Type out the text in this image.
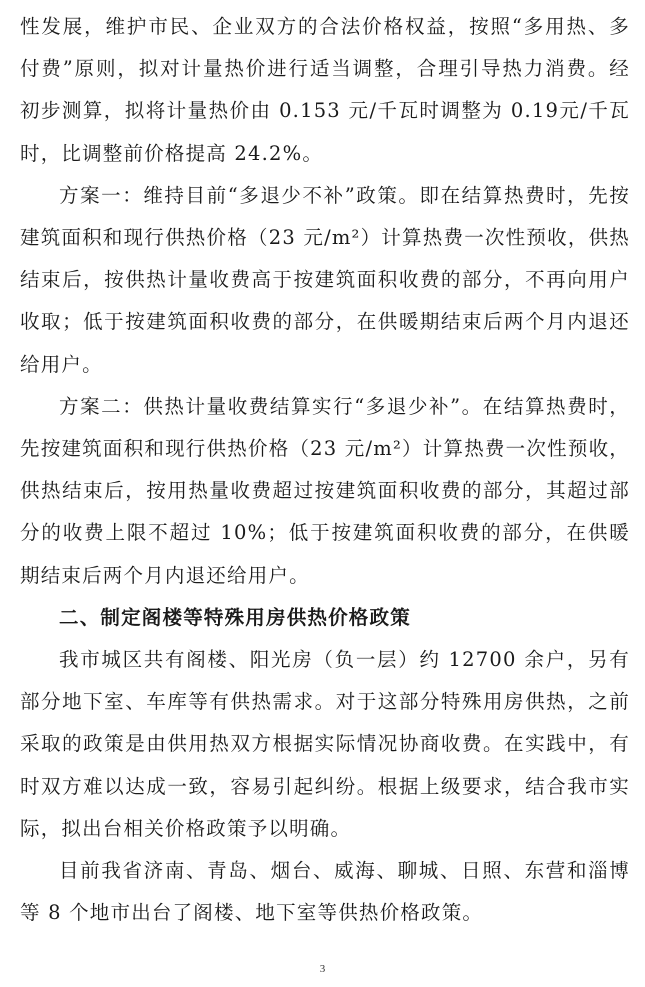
性发展，维护市民、企业双方的合法价格权益，按照“多用热、多付费”原则，拟对计量热价进行适当调整，合理引导热力消费。经初步测算，拟将计量热价由 0.153 元/千瓦时调整为 0.19元/千瓦时，比调整前价格提高 24.2%。

方案一：维持目前“多退少不补”政策。即在结算热费时，先按建筑面积和现行供热价格（23 元/m²）计算热费一次性预收，供热结束后，按供热计量收费高于按建筑面积收费的部分，不再向用户收取；低于按建筑面积收费的部分，在供暖期结束后两个月内退还给用户。

方案二：供热计量收费结算实行“多退少补”。在结算热费时，先按建筑面积和现行供热价格（23 元/m²）计算热费一次性预收，供热结束后，按用热量收费超过按建筑面积收费的部分，其超过部分的收费上限不超过 10%；低于按建筑面积收费的部分，在供暖期结束后两个月内退还给用户。

二、制定阁楼等特殊用房供热价格政策

我市城区共有阁楼、阳光房（负一层）约 12700 余户，另有部分地下室、车库等有供热需求。对于这部分特殊用房供热，之前采取的政策是由供用热双方根据实际情况协商收费。在实践中，有时双方难以达成一致，容易引起纠纷。根据上级要求，结合我市实际，拟出台相关价格政策予以明确。

目前我省济南、青岛、烟台、威海、聊城、日照、东营和淄博等 8 个地市出台了阁楼、地下室等供热价格政策。

3
